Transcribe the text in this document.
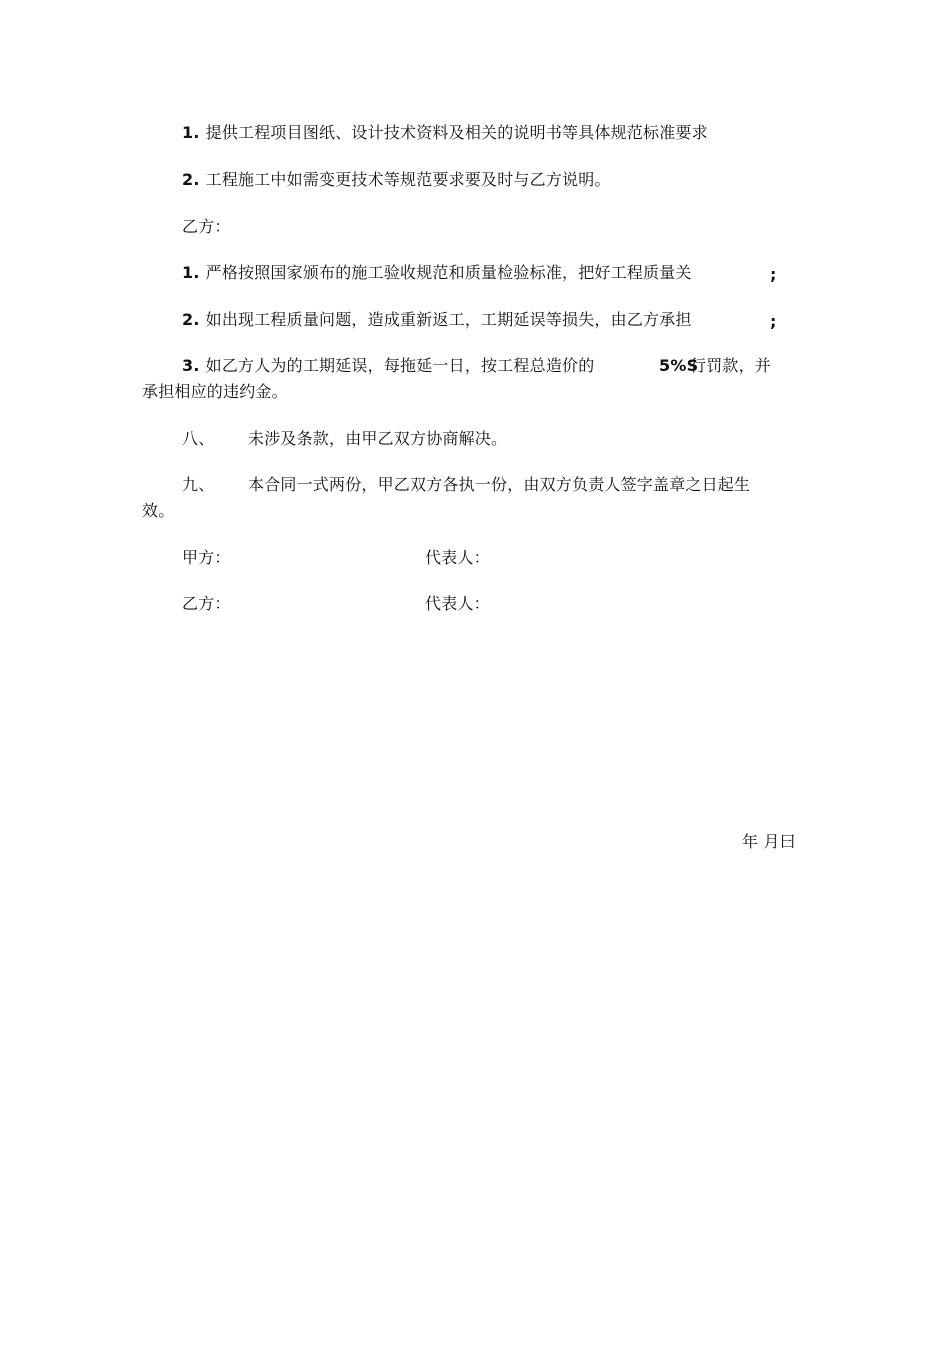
1. 提供工程项目图纸、设计技术资料及相关的说明书等具体规范标准要求
2. 工程施工中如需变更技术等规范要求要及时与乙方说明。
乙方：
1. 严格按照国家颁布的施工验收规范和质量检验标准，把好工程质量关	;
2. 如出现工程质量问题，造成重新返工，工期延误等损失，由乙方承担	;
3. 如乙方人为的工期延误，每拖延一日，按工程总造价的	5%S
行罚款，并
承担相应的违约金。
八、 未涉及条款，由甲乙双方协商解决。
九、 本合同一式两份，甲乙双方各执一份，由双方负责人签字盖章之日起生
效。
甲方：	代表人：
乙方：	代表人：
年 月曰
